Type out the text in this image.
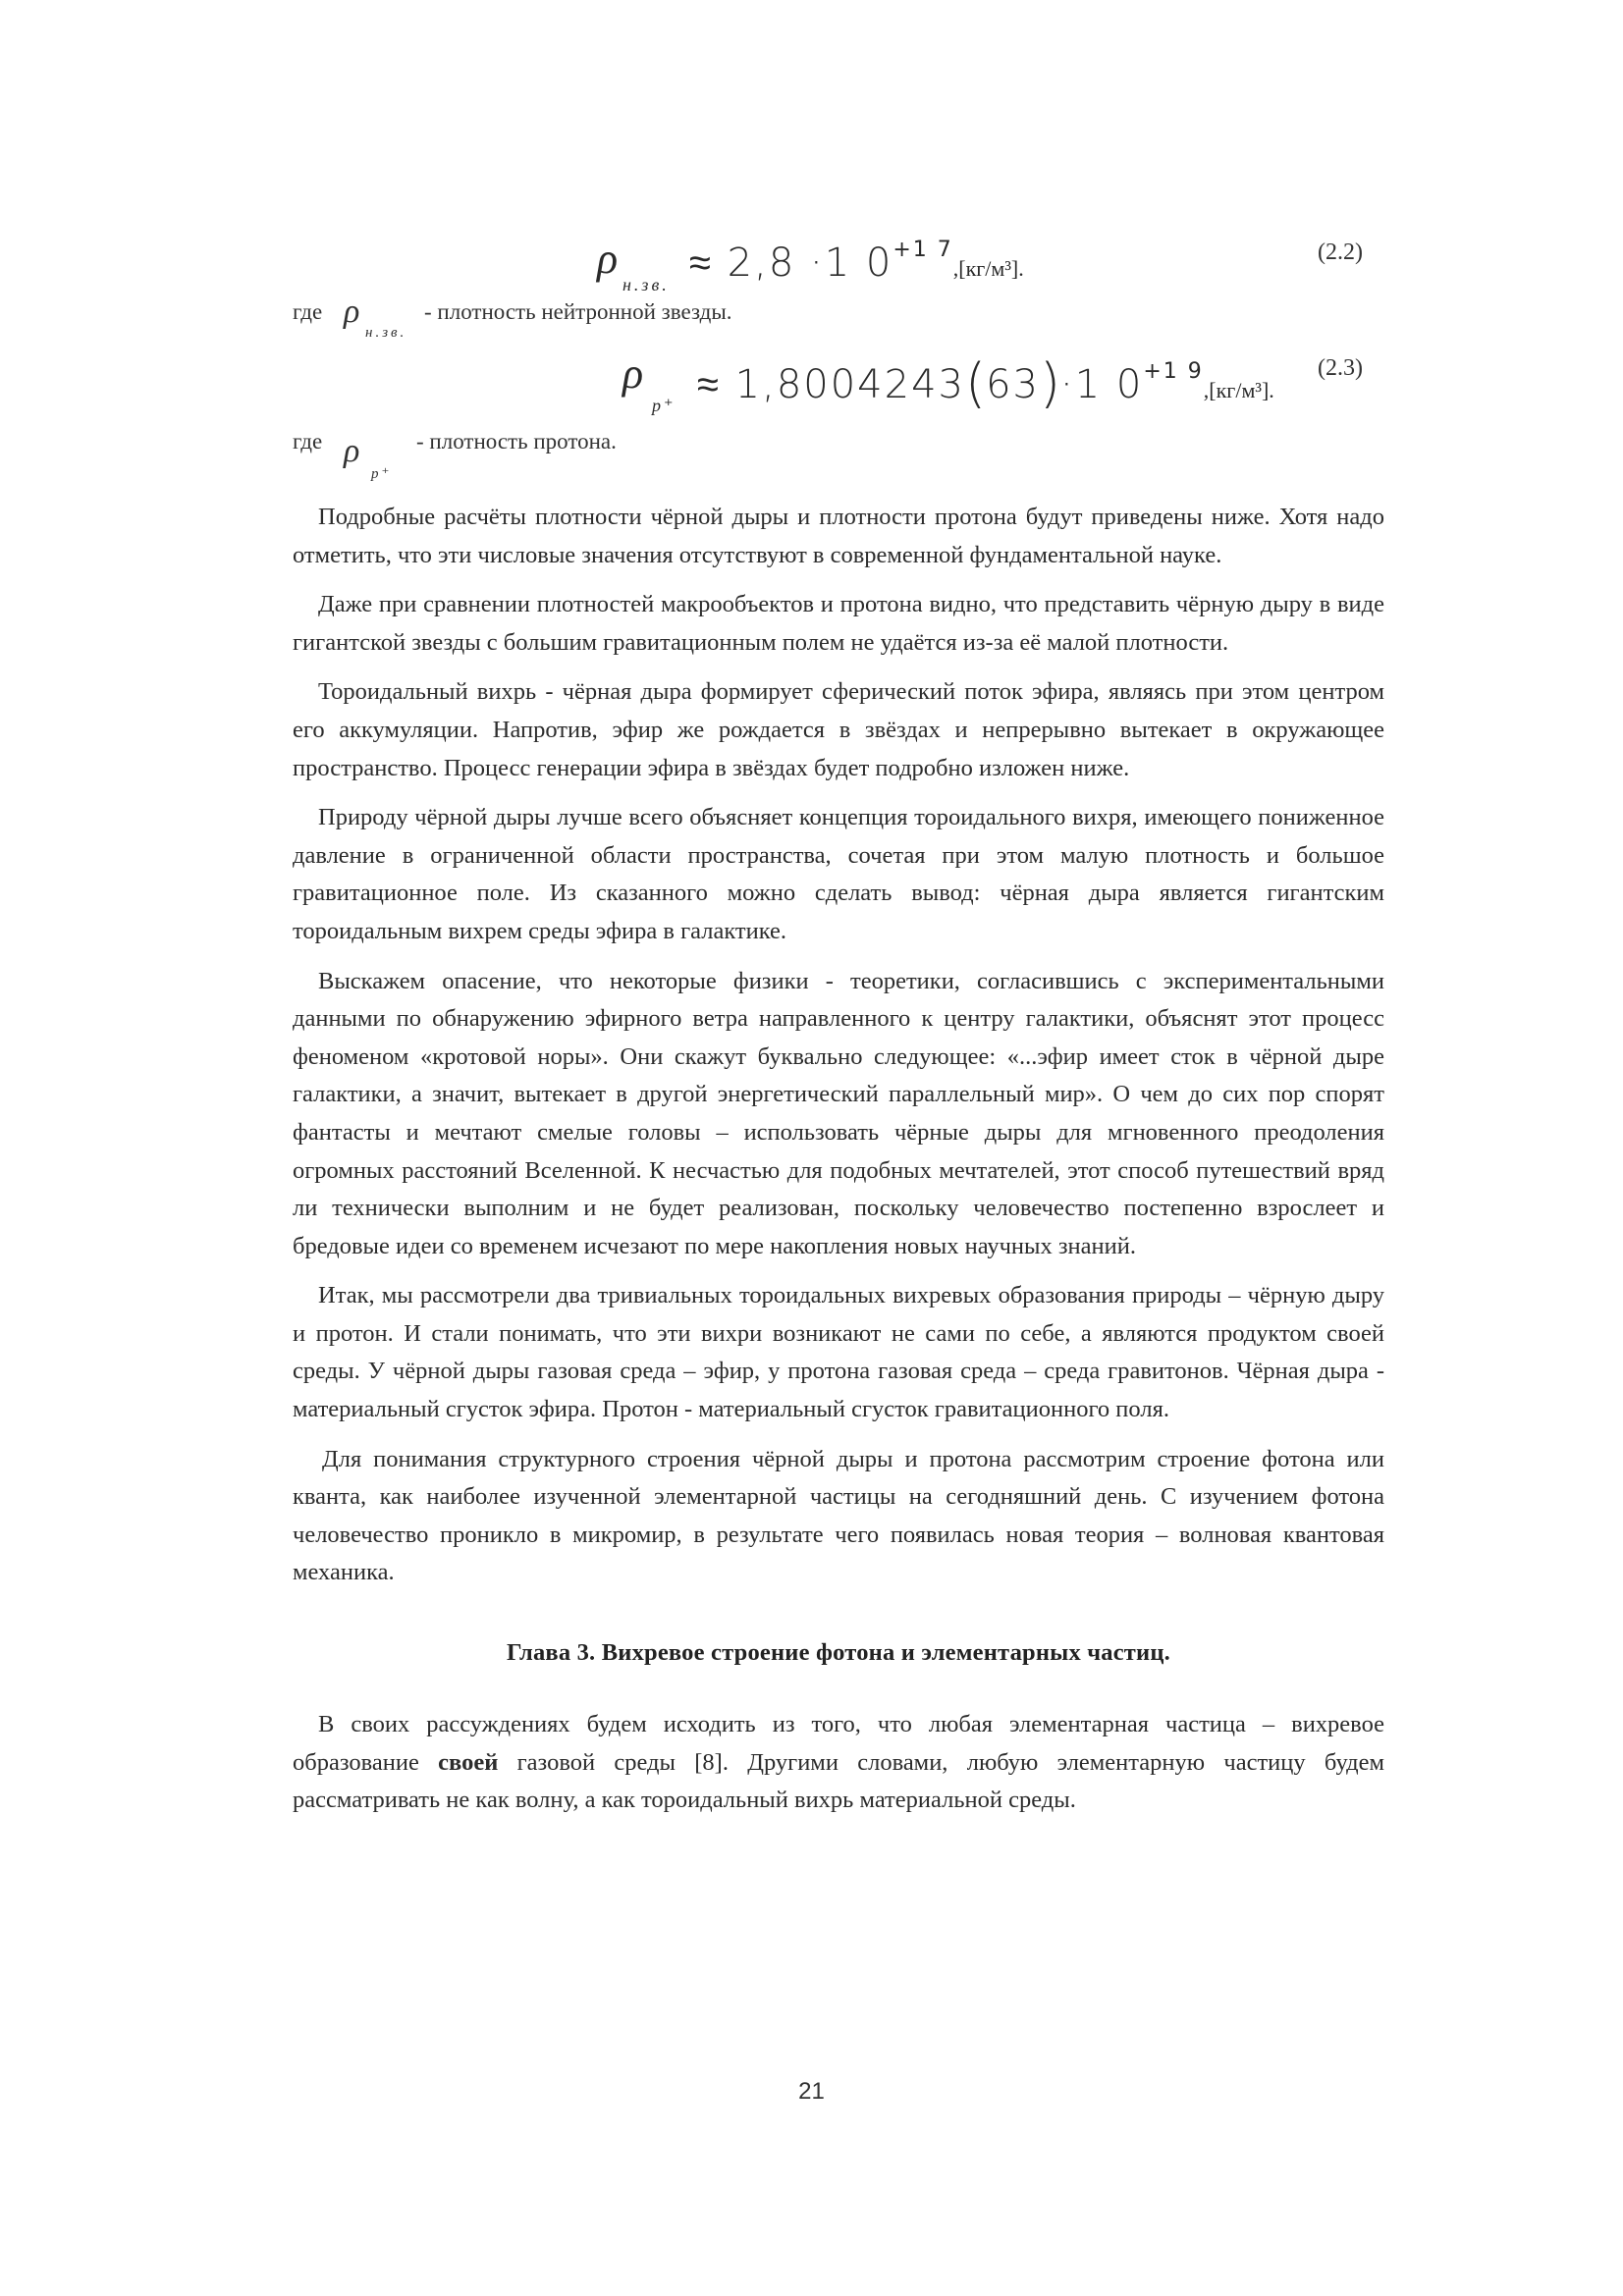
ρ
н.зв. ≈ 2,8 ·1 0+1 7,[кг/м³].
(2.2)
где ρ
н.зв.
- плотность нейтронной звезды.
ρ
p⁺ ≈ 1,8004243(63)·1 0+1 9,[кг/м³].
(2.3)
где ρ
p⁺
- плотность протона.

Подробные расчёты плотности чёрной дыры и плотности протона будут приведены ниже. Хотя надо отметить, что эти числовые значения отсутствуют в современной фундаментальной науке.

Даже при сравнении плотностей макрообъектов и протона видно, что представить чёрную дыру в виде гигантской звезды с большим гравитационным полем не удаётся из-за её малой плотности.

Тороидальный вихрь - чёрная дыра формирует сферический поток эфира, являясь при этом центром его аккумуляции. Напротив, эфир же рождается в звёздах и непрерывно вытекает в окружающее пространство. Процесс генерации эфира в звёздах будет подробно изложен ниже.

Природу чёрной дыры лучше всего объясняет концепция тороидального вихря, имеющего пониженное давление в ограниченной области пространства, сочетая при этом малую плотность и большое гравитационное поле. Из сказанного можно сделать вывод: чёрная дыра является гигантским тороидальным вихрем среды эфира в галактике.

Выскажем опасение, что некоторые физики - теоретики, согласившись с экспериментальными данными по обнаружению эфирного ветра направленного к центру галактики, объяснят этот процесс феноменом «кротовой норы». Они скажут буквально следующее: «...эфир имеет сток в чёрной дыре галактики, а значит, вытекает в другой энергетический параллельный мир». О чем до сих пор спорят фантасты и мечтают смелые головы – использовать чёрные дыры для мгновенного преодоления огромных расстояний Вселенной. К несчастью для подобных мечтателей, этот способ путешествий вряд ли технически выполним и не будет реализован, поскольку человечество постепенно взрослеет и бредовые идеи со временем исчезают по мере накопления новых научных знаний.

Итак, мы рассмотрели два тривиальных тороидальных вихревых образования природы – чёрную дыру и протон. И стали понимать, что эти вихри возникают не сами по себе, а являются продуктом своей среды. У чёрной дыры газовая среда – эфир, у протона газовая среда – среда гравитонов. Чёрная дыра - материальный сгусток эфира. Протон - материальный сгусток гравитационного поля.

Для понимания структурного строения чёрной дыры и протона рассмотрим строение фотона или кванта, как наиболее изученной элементарной частицы на сегодняшний день. С изучением фотона человечество проникло в микромир, в результате чего появилась новая теория – волновая квантовая механика.

Глава 3. Вихревое строение фотона и элементарных частиц.

В своих рассуждениях будем исходить из того, что любая элементарная частица – вихревое образование своей газовой среды [8]. Другими словами, любую элементарную частицу будем рассматривать не как волну, а как тороидальный вихрь материальной среды.

21
